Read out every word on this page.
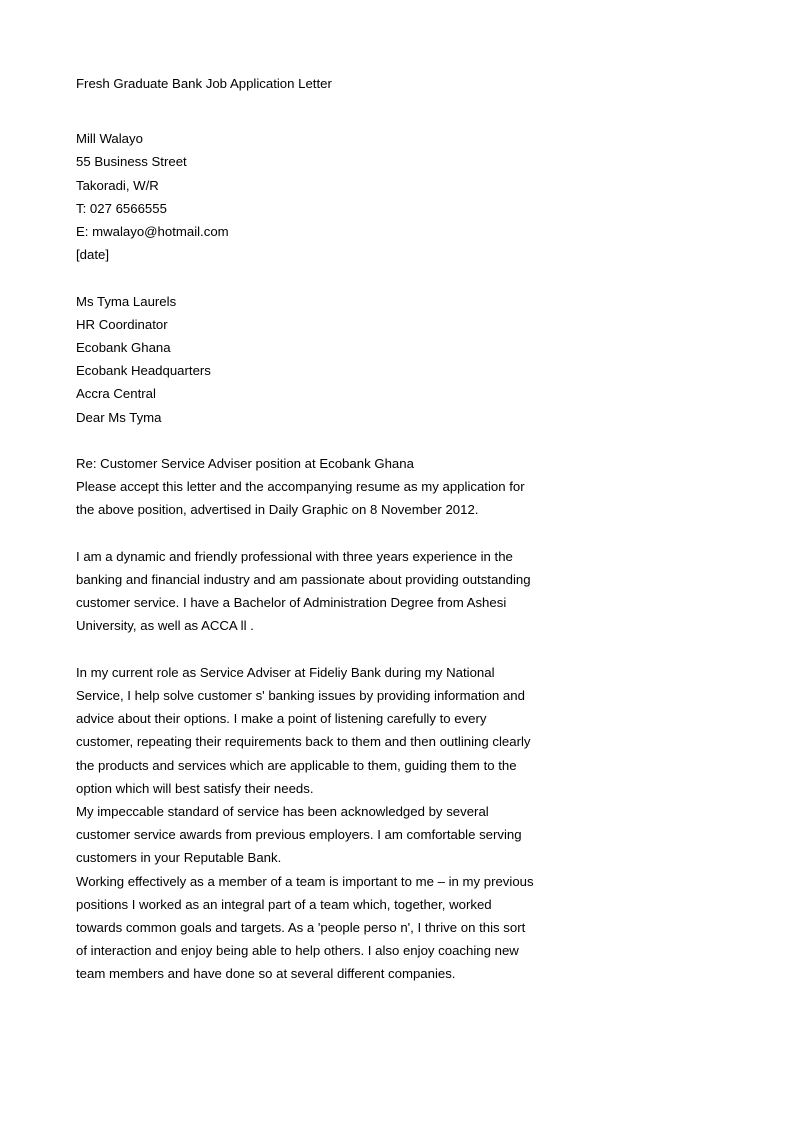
Fresh Graduate Bank Job Application Letter
Mill Walayo
55 Business Street
Takoradi, W/R
T: 027 6566555
E: mwalayo@hotmail.com
[date]
Ms Tyma Laurels
HR Coordinator
Ecobank Ghana
Ecobank Headquarters
Accra Central
Dear Ms Tyma
Re: Customer Service Adviser position at Ecobank Ghana
Please accept this letter and the accompanying resume as my application for the above position, advertised in Daily Graphic on 8 November 2012.
I am a dynamic and friendly professional with three years experience in the banking and financial industry and am passionate about providing outstanding customer service. I have a Bachelor of Administration Degree from Ashesi University, as well as ACCA ll .
In my current role as Service Adviser at Fideliy Bank during my National Service, I help solve customer s' banking issues by providing information and advice about their options. I make a point of listening carefully to every customer, repeating their requirements back to them and then outlining clearly the products and services which are applicable to them, guiding them to the option which will best satisfy their needs.
My impeccable standard of service has been acknowledged by several customer service awards from previous employers. I am comfortable serving customers in your Reputable Bank.
Working effectively as a member of a team is important to me – in my previous positions I worked as an integral part of a team which, together, worked towards common goals and targets. As a 'people perso n', I thrive on this sort of interaction and enjoy being able to help others. I also enjoy coaching new team members and have done so at several different companies.
